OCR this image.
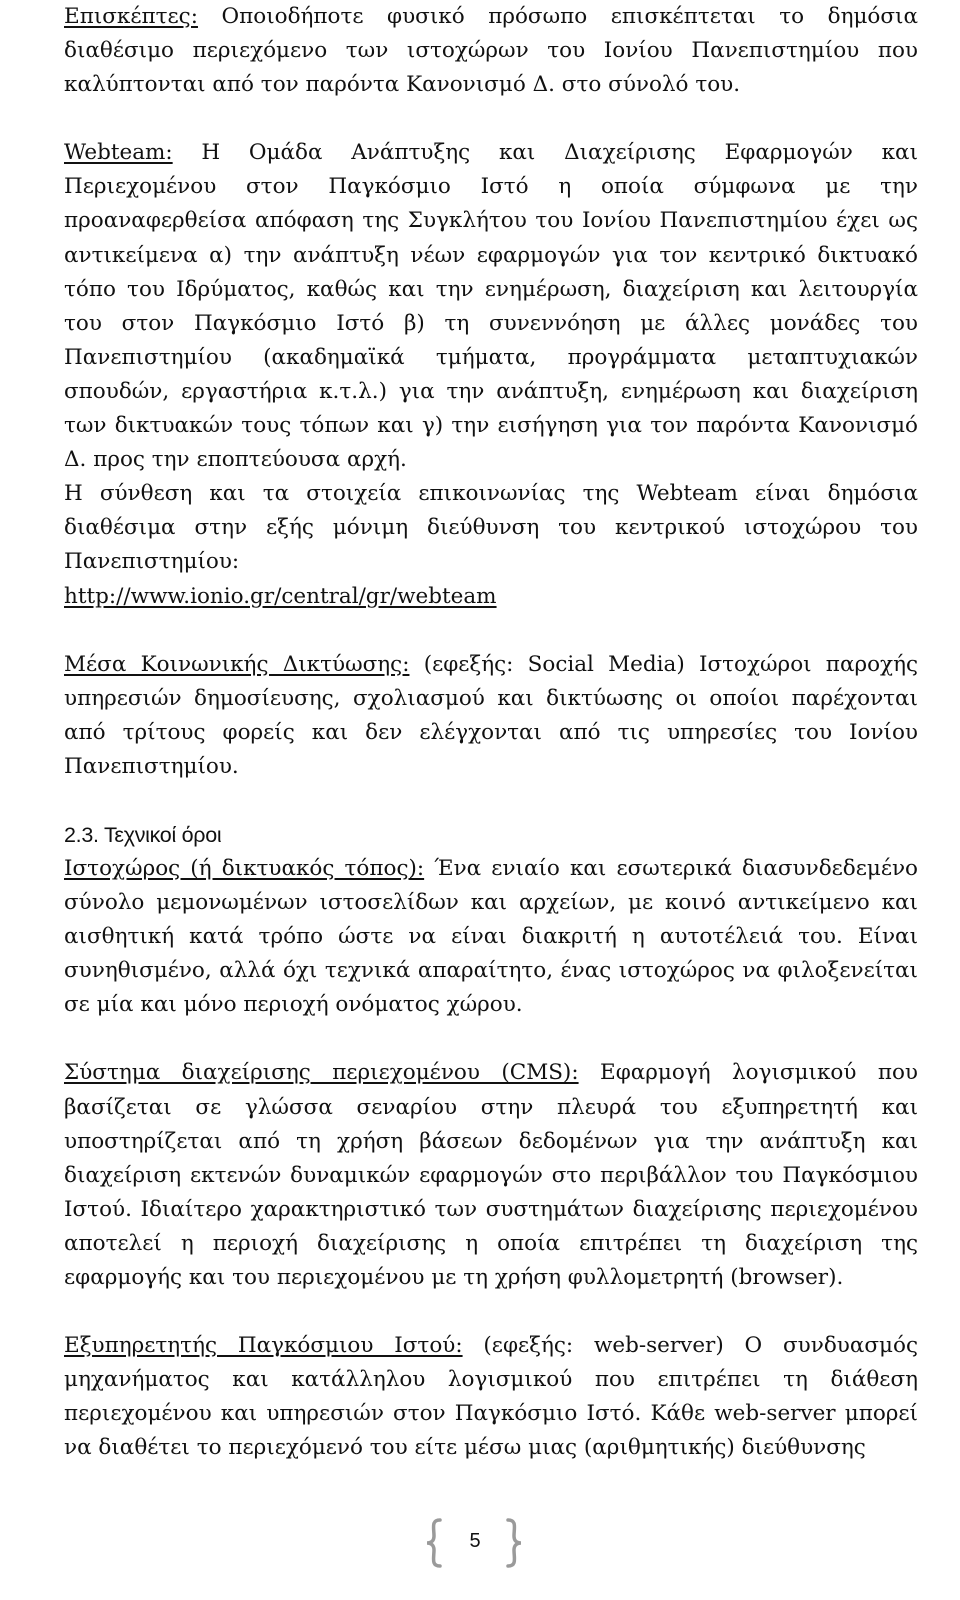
Επισκέπτες: Οποιοδήποτε φυσικό πρόσωπο επισκέπτεται το δημόσια διαθέσιμο περιεχόμενο των ιστοχώρων του Ιονίου Πανεπιστημίου που καλύπτονται από τον παρόντα Κανονισμό Δ. στο σύνολό του.

Webteam: Η Ομάδα Ανάπτυξης και Διαχείρισης Εφαρμογών και Περιεχομένου στον Παγκόσμιο Ιστό η οποία σύμφωνα με την προαναφερθείσα απόφαση της Συγκλήτου του Ιονίου Πανεπιστημίου έχει ως αντικείμενα α) την ανάπτυξη νέων εφαρμογών για τον κεντρικό δικτυακό τόπο του Ιδρύματος, καθώς και την ενημέρωση, διαχείριση και λειτουργία του στον Παγκόσμιο Ιστό β) τη συνεννόηση με άλλες μονάδες του Πανεπιστημίου (ακαδημαϊκά τμήματα, προγράμματα μεταπτυχιακών σπουδών, εργαστήρια κ.τ.λ.) για την ανάπτυξη, ενημέρωση και διαχείριση των δικτυακών τους τόπων και γ) την εισήγηση για τον παρόντα Κανονισμό Δ. προς την εποπτεύουσα αρχή.

Η σύνθεση και τα στοιχεία επικοινωνίας της Webteam είναι δημόσια διαθέσιμα στην εξής μόνιμη διεύθυνση του κεντρικού ιστοχώρου του Πανεπιστημίου:

http://www.ionio.gr/central/gr/webteam

Μέσα Κοινωνικής Δικτύωσης: (εφεξής: Social Media) Ιστοχώροι παροχής υπηρεσιών δημοσίευσης, σχολιασμού και δικτύωσης οι οποίοι παρέχονται από τρίτους φορείς και δεν ελέγχονται από τις υπηρεσίες του Ιονίου Πανεπιστημίου.

2.3. Τεχνικοί όροι

Ιστοχώρος (ή δικτυακός τόπος): Ένα ενιαίο και εσωτερικά διασυνδεδεμένο σύνολο μεμονωμένων ιστοσελίδων και αρχείων, με κοινό αντικείμενο και αισθητική κατά τρόπο ώστε να είναι διακριτή η αυτοτέλειά του. Είναι συνηθισμένο, αλλά όχι τεχνικά απαραίτητο, ένας ιστοχώρος να φιλοξενείται σε μία και μόνο περιοχή ονόματος χώρου.

Σύστημα διαχείρισης περιεχομένου (CMS): Εφαρμογή λογισμικού που βασίζεται σε γλώσσα σεναρίου στην πλευρά του εξυπηρετητή και υποστηρίζεται από τη χρήση βάσεων δεδομένων για την ανάπτυξη και διαχείριση εκτενών δυναμικών εφαρμογών στο περιβάλλον του Παγκόσμιου Ιστού. Ιδιαίτερο χαρακτηριστικό των συστημάτων διαχείρισης περιεχομένου αποτελεί η περιοχή διαχείρισης η οποία επιτρέπει τη διαχείριση της εφαρμογής και του περιεχομένου με τη χρήση φυλλομετρητή (browser).

Εξυπηρετητής Παγκόσμιου Ιστού: (εφεξής: web-server) Ο συνδυασμός μηχανήματος και κατάλληλου λογισμικού που επιτρέπει τη διάθεση περιεχομένου και υπηρεσιών στον Παγκόσμιο Ιστό. Κάθε web-server μπορεί να διαθέτει το περιεχόμενό του είτε μέσω μιας (αριθμητικής) διεύθυνσης

5
